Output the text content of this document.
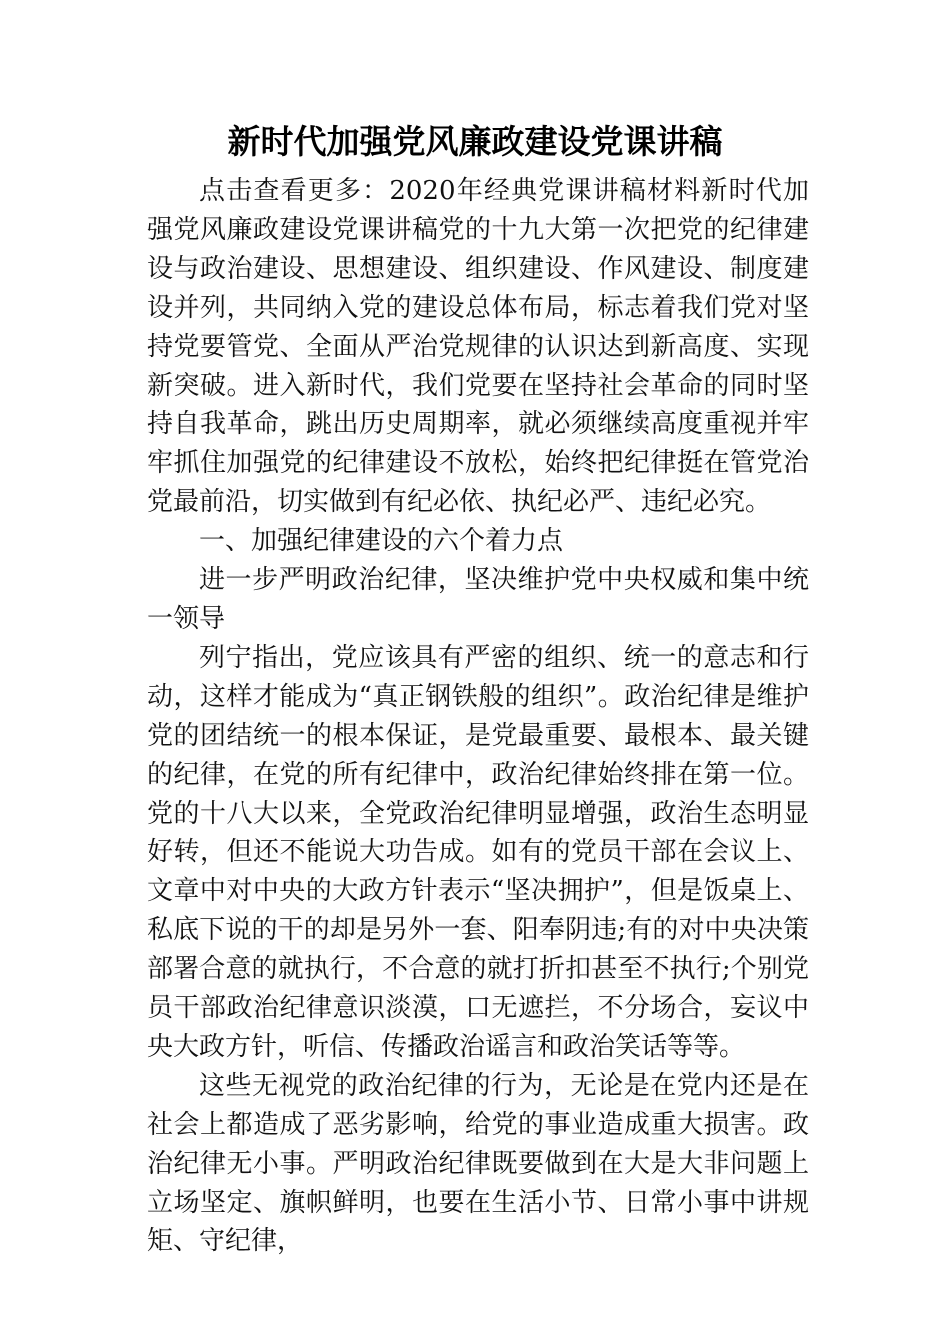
新时代加强党风廉政建设党课讲稿

点击查看更多：2020年经典党课讲稿材料新时代加强党风廉政建设党课讲稿党的十九大第一次把党的纪律建设与政治建设、思想建设、组织建设、作风建设、制度建设并列，共同纳入党的建设总体布局，标志着我们党对坚持党要管党、全面从严治党规律的认识达到新高度、实现新突破。进入新时代，我们党要在坚持社会革命的同时坚持自我革命，跳出历史周期率，就必须继续高度重视并牢牢抓住加强党的纪律建设不放松，始终把纪律挺在管党治党最前沿，切实做到有纪必依、执纪必严、违纪必究。

一、加强纪律建设的六个着力点

进一步严明政治纪律，坚决维护党中央权威和集中统一领导

列宁指出，党应该具有严密的组织、统一的意志和行动，这样才能成为“真正钢铁般的组织”。政治纪律是维护党的团结统一的根本保证，是党最重要、最根本、最关键的纪律，在党的所有纪律中，政治纪律始终排在第一位。党的十八大以来，全党政治纪律明显增强，政治生态明显好转，但还不能说大功告成。如有的党员干部在会议上、文章中对中央的大政方针表示“坚决拥护”，但是饭桌上、私底下说的干的却是另外一套、阳奉阴违;有的对中央决策部署合意的就执行，不合意的就打折扣甚至不执行;个别党员干部政治纪律意识淡漠，口无遮拦，不分场合，妄议中央大政方针，听信、传播政治谣言和政治笑话等等。

这些无视党的政治纪律的行为，无论是在党内还是在社会上都造成了恶劣影响，给党的事业造成重大损害。政治纪律无小事。严明政治纪律既要做到在大是大非问题上立场坚定、旗帜鲜明，也要在生活小节、日常小事中讲规矩、守纪律，
